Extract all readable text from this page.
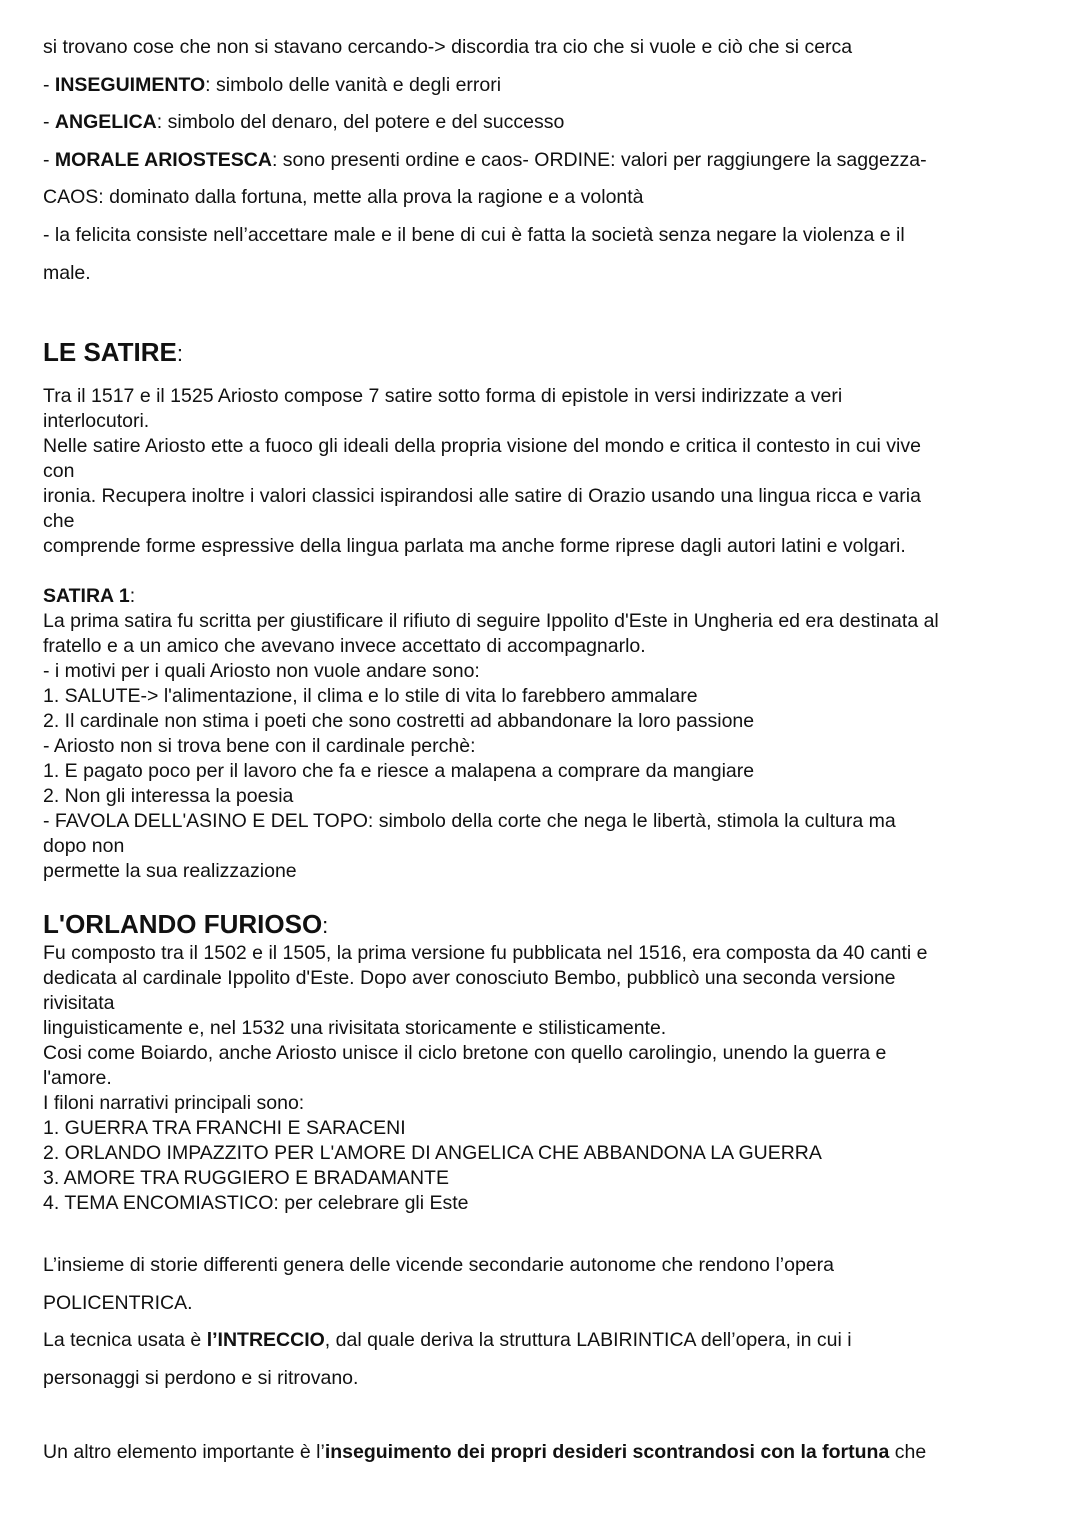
si trovano cose che non si stavano cercando-> discordia tra cio che si vuole e ciò che si cerca

- INSEGUIMENTO: simbolo delle vanità e degli errori

- ANGELICA: simbolo del denaro, del potere e del successo

- MORALE ARIOSTESCA: sono presenti ordine e caos- ORDINE: valori per raggiungere la saggezza-

CAOS: dominato dalla fortuna, mette alla prova la ragione e a volontà

- la felicita consiste nell’accettare male e il bene di cui è fatta la società senza negare la violenza e il

male.

LE SATIRE:

Tra il 1517 e il 1525 Ariosto compose 7 satire sotto forma di epistole in versi indirizzate a veri

interlocutori.

Nelle satire Ariosto ette a fuoco gli ideali della propria visione del mondo e critica il contesto in cui vive

con

ironia. Recupera inoltre i valori classici ispirandosi alle satire di Orazio usando una lingua ricca e varia

che

comprende forme espressive della lingua parlata ma anche forme riprese dagli autori latini e volgari.

SATIRA 1:

La prima satira fu scritta per giustificare il rifiuto di seguire Ippolito d'Este in Ungheria ed era destinata al

fratello e a un amico che avevano invece accettato di accompagnarlo.

- i motivi per i quali Ariosto non vuole andare sono:

1. SALUTE-> l'alimentazione, il clima e lo stile di vita lo farebbero ammalare

2. Il cardinale non stima i poeti che sono costretti ad abbandonare la loro passione

- Ariosto non si trova bene con il cardinale perchè:

1. E pagato poco per il lavoro che fa e riesce a malapena a comprare da mangiare

2. Non gli interessa la poesia

- FAVOLA DELL'ASINO E DEL TOPO: simbolo della corte che nega le libertà, stimola la cultura ma

dopo non

permette la sua realizzazione

L'ORLANDO FURIOSO:

Fu composto tra il 1502 e il 1505, la prima versione fu pubblicata nel 1516, era composta da 40 canti e

dedicata al cardinale Ippolito d'Este. Dopo aver conosciuto Bembo, pubblicò una seconda versione

rivisitata

linguisticamente e, nel 1532 una rivisitata storicamente e stilisticamente.

Cosi come Boiardo, anche Ariosto unisce il ciclo bretone con quello carolingio, unendo la guerra e

l'amore.

I filoni narrativi principali sono:

1. GUERRA TRA FRANCHI E SARACENI

2. ORLANDO IMPAZZITO PER L'AMORE DI ANGELICA CHE ABBANDONA LA GUERRA

3. AMORE TRA RUGGIERO E BRADAMANTE

4. TEMA ENCOMIASTICO: per celebrare gli Este

L’insieme di storie differenti genera delle vicende secondarie autonome che rendono l’opera

POLICENTRICA.

La tecnica usata è l’INTRECCIO, dal quale deriva la struttura LABIRINTICA dell’opera, in cui i

personaggi si perdono e si ritrovano.

Un altro elemento importante è l’inseguimento dei propri desideri scontrandosi con la fortuna che
